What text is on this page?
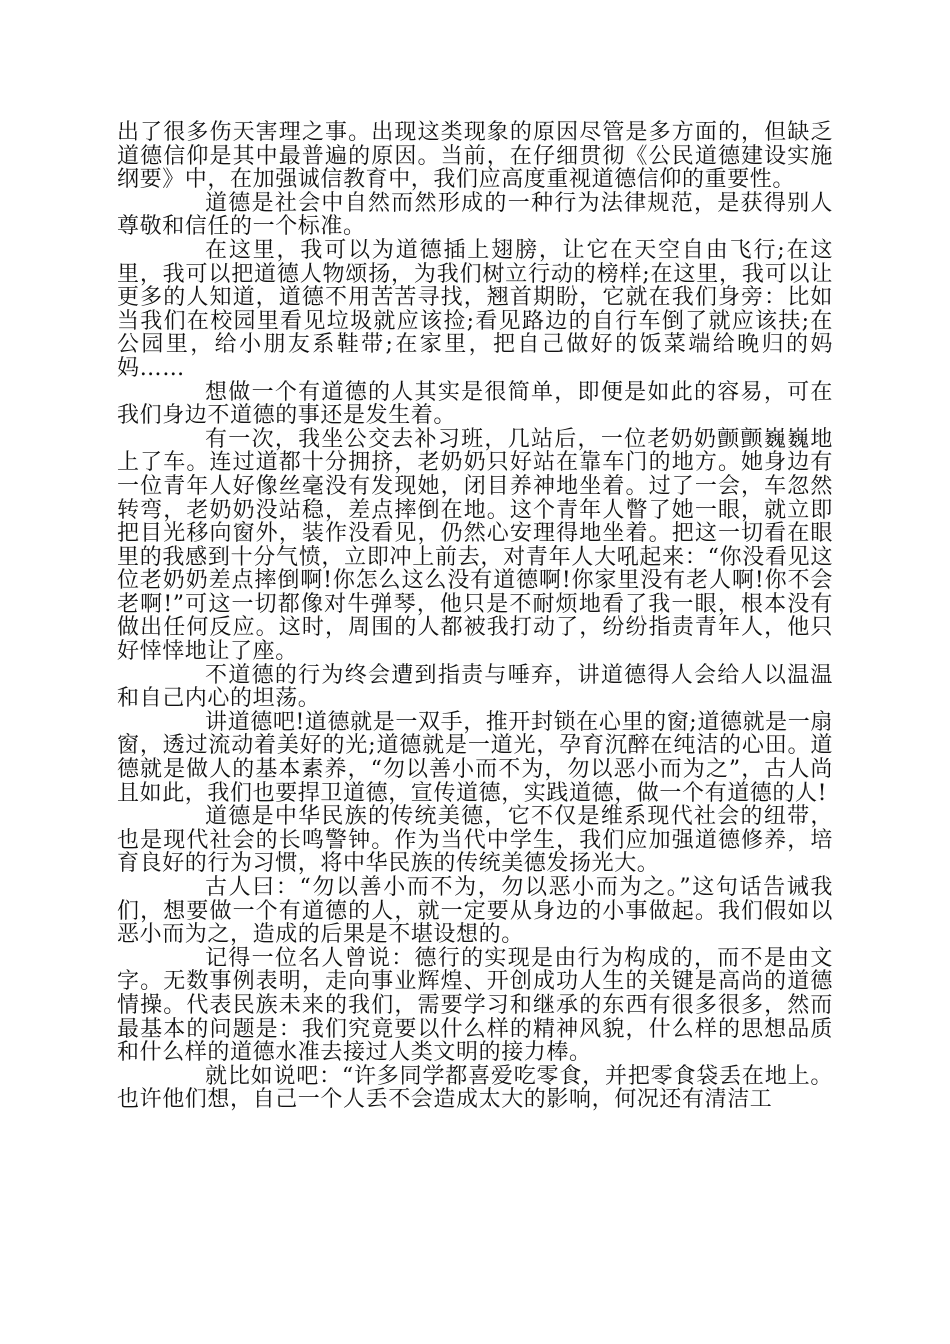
出了很多伤天害理之事。出现这类现象的原因尽管是多方面的，但缺乏道德信仰是其中最普遍的原因。当前，在仔细贯彻《公民道德建设实施纲要》中，在加强诚信教育中，我们应高度重视道德信仰的重要性。

道德是社会中自然而然形成的一种行为法律规范，是获得别人尊敬和信任的一个标准。

在这里，我可以为道德插上翅膀，让它在天空自由飞行;在这里，我可以把道德人物颂扬，为我们树立行动的榜样;在这里，我可以让更多的人知道，道德不用苦苦寻找，翘首期盼，它就在我们身旁：比如当我们在校园里看见垃圾就应该捡;看见路边的自行车倒了就应该扶;在公园里，给小朋友系鞋带;在家里，把自己做好的饭菜端给晚归的妈妈……

想做一个有道德的人其实是很简单，即便是如此的容易，可在我们身边不道德的事还是发生着。

有一次，我坐公交去补习班，几站后，一位老奶奶颤颤巍巍地上了车。连过道都十分拥挤，老奶奶只好站在靠车门的地方。她身边有一位青年人好像丝毫没有发现她，闭目养神地坐着。过了一会，车忽然转弯，老奶奶没站稳，差点摔倒在地。这个青年人瞥了她一眼，就立即把目光移向窗外，装作没看见，仍然心安理得地坐着。把这一切看在眼里的我感到十分气愤，立即冲上前去，对青年人大吼起来：“你没看见这位老奶奶差点摔倒啊!你怎么这么没有道德啊!你家里没有老人啊!你不会老啊!”可这一切都像对牛弹琴，他只是不耐烦地看了我一眼，根本没有做出任何反应。这时，周围的人都被我打动了，纷纷指责青年人，他只好悻悻地让了座。

不道德的行为终会遭到指责与唾弃，讲道德得人会给人以温温和自己内心的坦荡。

讲道德吧!道德就是一双手，推开封锁在心里的窗;道德就是一扇窗，透过流动着美好的光;道德就是一道光，孕育沉醉在纯洁的心田。道德就是做人的基本素养，“勿以善小而不为，勿以恶小而为之”，古人尚且如此，我们也要捍卫道德，宣传道德，实践道德，做一个有道德的人!

道德是中华民族的传统美德，它不仅是维系现代社会的纽带，也是现代社会的长鸣警钟。作为当代中学生，我们应加强道德修养，培育良好的行为习惯，将中华民族的传统美德发扬光大。

古人曰：“勿以善小而不为，勿以恶小而为之。”这句话告诫我们，想要做一个有道德的人，就一定要从身边的小事做起。我们假如以恶小而为之，造成的后果是不堪设想的。

记得一位名人曾说：德行的实现是由行为构成的，而不是由文字。无数事例表明，走向事业辉煌、开创成功人生的关键是高尚的道德情操。代表民族未来的我们，需要学习和继承的东西有很多很多，然而最基本的问题是：我们究竟要以什么样的精神风貌，什么样的思想品质和什么样的道德水准去接过人类文明的接力棒。

就比如说吧：“许多同学都喜爱吃零食，并把零食袋丢在地上。也许他们想，自己一个人丢不会造成太大的影响，何况还有清洁工
